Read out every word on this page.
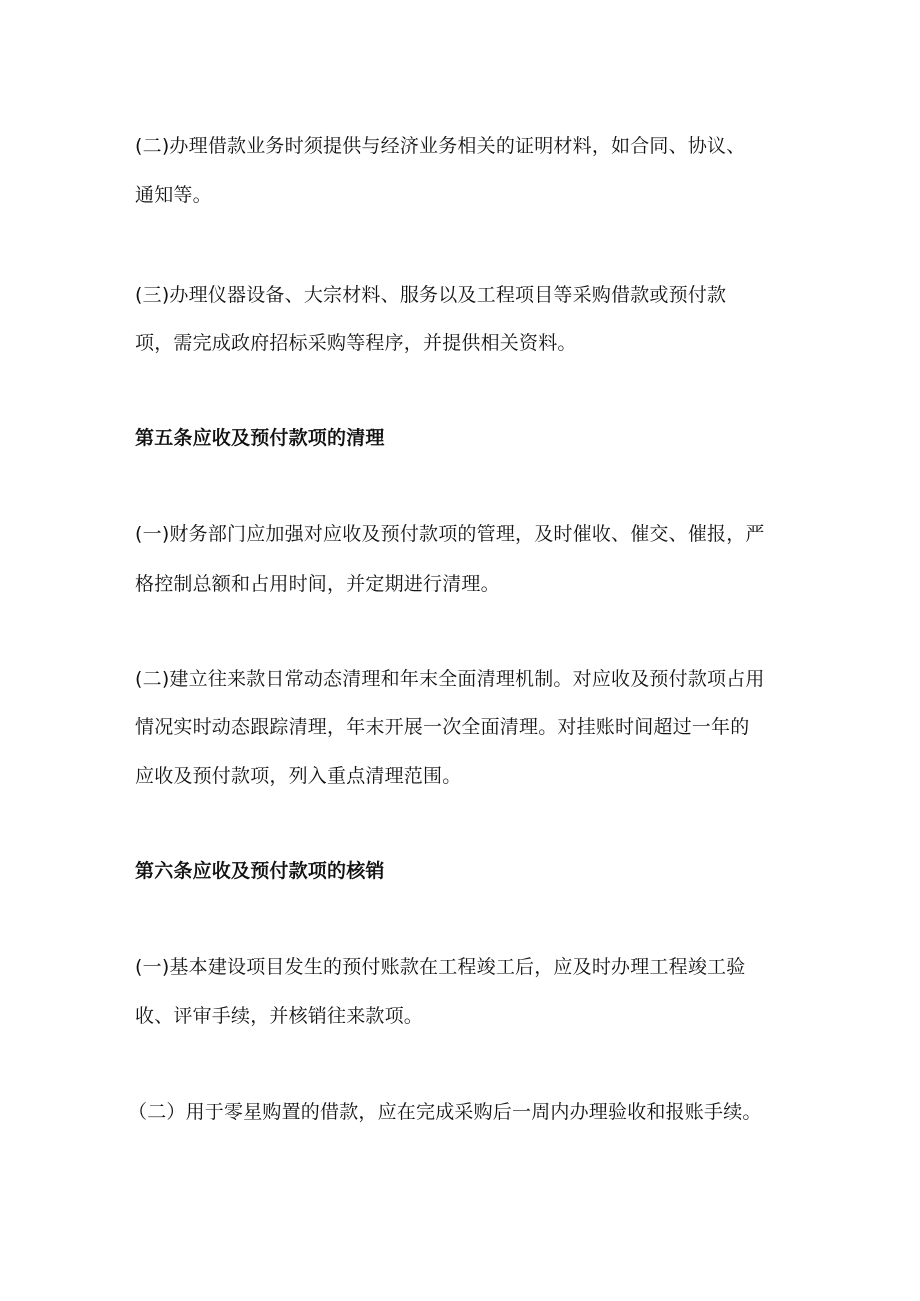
(二)办理借款业务时须提供与经济业务相关的证明材料，如合同、协议、
通知等。
(三)办理仪器设备、大宗材料、服务以及工程项目等采购借款或预付款
项，需完成政府招标采购等程序，并提供相关资料。
第五条应收及预付款项的清理
(一)财务部门应加强对应收及预付款项的管理，及时催收、催交、催报，严
格控制总额和占用时间，并定期进行清理。
(二)建立往来款日常动态清理和年末全面清理机制。对应收及预付款项占用
情况实时动态跟踪清理，年末开展一次全面清理。对挂账时间超过一年的
应收及预付款项，列入重点清理范围。
第六条应收及预付款项的核销
(一)基本建设项目发生的预付账款在工程竣工后，应及时办理工程竣工验
收、评审手续，并核销往来款项。
（二）用于零星购置的借款，应在完成采购后一周内办理验收和报账手续。
